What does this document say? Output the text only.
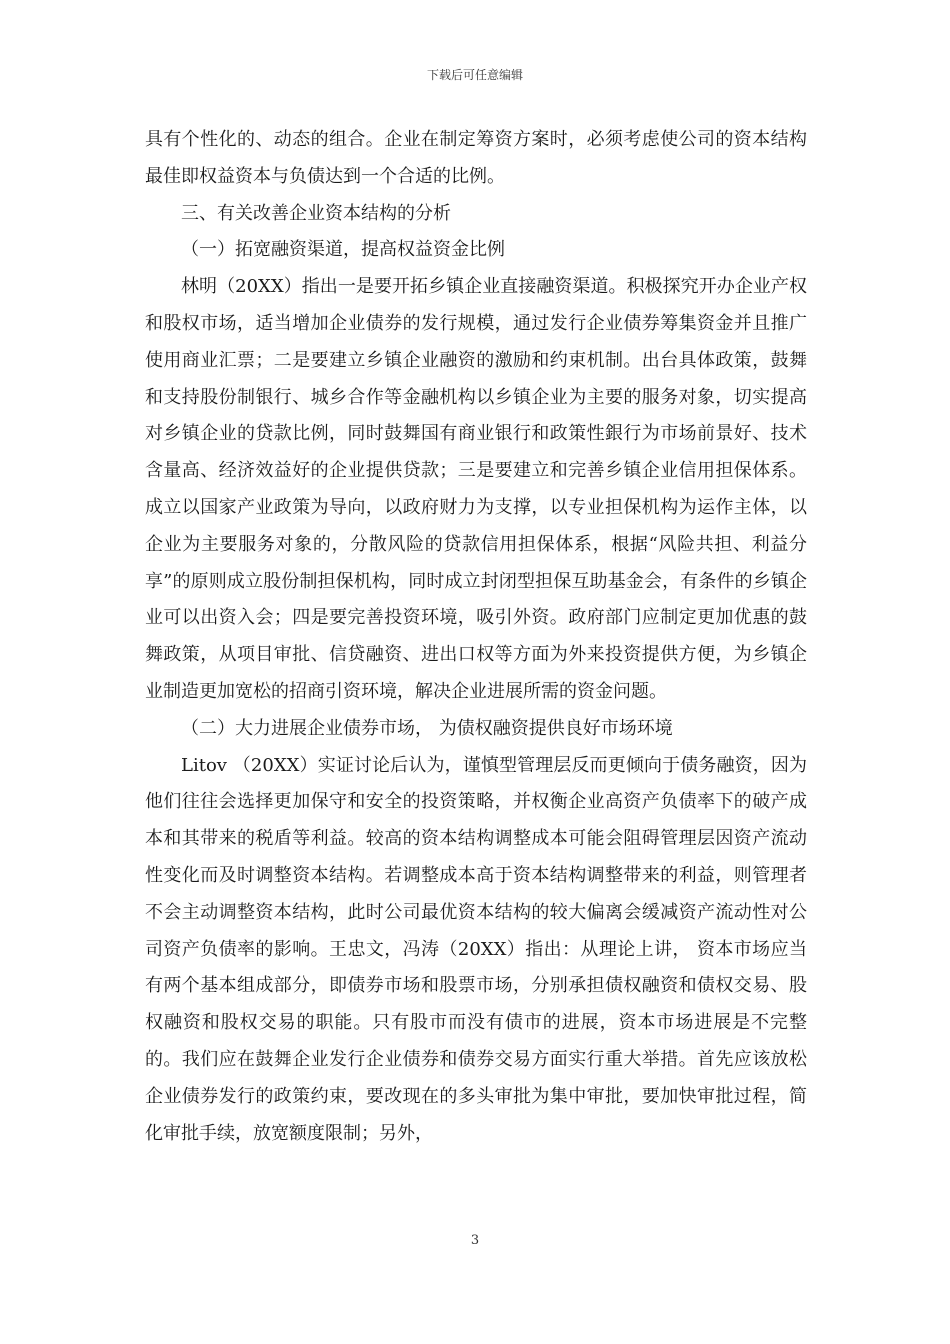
下载后可任意编辑

具有个性化的、动态的组合。企业在制定筹资方案时，必须考虑使公司的资本结构最佳即权益资本与负债达到一个合适的比例。

三、有关改善企业资本结构的分析

（一）拓宽融资渠道，提高权益资金比例

林明（20XX）指出一是要开拓乡镇企业直接融资渠道。积极探究开办企业产权和股权市场，适当增加企业债券的发行规模，通过发行企业债券筹集资金并且推广使用商业汇票；二是要建立乡镇企业融资的激励和约束机制。出台具体政策，鼓舞和支持股份制银行、城乡合作等金融机构以乡镇企业为主要的服务对象，切实提高对乡镇企业的贷款比例，同时鼓舞国有商业银行和政策性銀行为市场前景好、技术含量高、经济效益好的企业提供贷款；三是要建立和完善乡镇企业信用担保体系。成立以国家产业政策为导向，以政府财力为支撑，以专业担保机构为运作主体，以企业为主要服务对象的，分散风险的贷款信用担保体系，根据“风险共担、利益分享”的原则成立股份制担保机构，同时成立封闭型担保互助基金会，有条件的乡镇企业可以出资入会；四是要完善投资环境，吸引外资。政府部门应制定更加优惠的鼓舞政策，从项目审批、信贷融资、进出口权等方面为外来投资提供方便，为乡镇企业制造更加宽松的招商引资环境，解决企业进展所需的资金问题。

（二）大力进展企业债券市场， 为债权融资提供良好市场环境

Litov （20XX）实证讨论后认为，谨慎型管理层反而更倾向于债务融资，因为他们往往会选择更加保守和安全的投资策略，并权衡企业高资产负债率下的破产成本和其带来的税盾等利益。较高的资本结构调整成本可能会阻碍管理层因资产流动性变化而及时调整资本结构。若调整成本高于资本结构调整带来的利益，则管理者不会主动调整资本结构，此时公司最优资本结构的较大偏离会缓减资产流动性对公司资产负债率的影响。王忠文，冯涛（20XX）指出：从理论上讲， 资本市场应当有两个基本组成部分，即债券市场和股票市场，分别承担债权融资和债权交易、股权融资和股权交易的职能。只有股市而没有债市的进展，资本市场进展是不完整的。我们应在鼓舞企业发行企业债券和债券交易方面实行重大举措。首先应该放松企业债券发行的政策约束，要改现在的多头审批为集中审批，要加快审批过程，简化审批手续，放宽额度限制；另外，

3
